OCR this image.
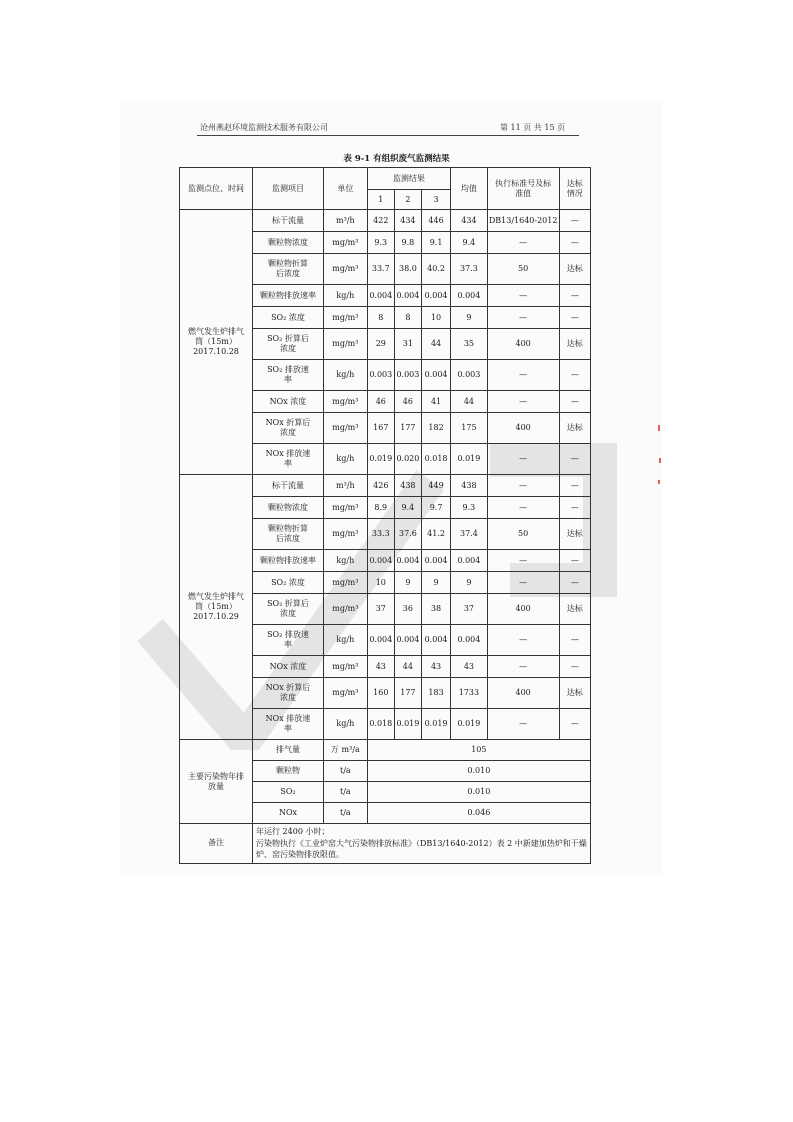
沧州燕赵环境监测技术服务有限公司	第 11 页 共 15 页
表 9-1 有组织废气监测结果
监测点位、时间	监测项目	单位	监测结果			均值	执行标准号及标准值	达标情况
			1	2	3			
燃气发生炉排气筒（15m）2017.10.28	标干流量	m³/h	422	434	446	434	DB13/1640-2012	—
	颗粒物浓度	mg/m³	9.3	9.8	9.1	9.4	—	—
	颗粒物折算后浓度	mg/m³	33.7	38.0	40.2	37.3	50	达标
	颗粒物排放速率	kg/h	0.004	0.004	0.004	0.004	—	—
	SO₂ 浓度	mg/m³	8	8	10	9	—	—
	SO₂ 折算后浓度	mg/m³	29	31	44	35	400	达标
	SO₂ 排放速率	kg/h	0.003	0.003	0.004	0.003	—	—
	NOx 浓度	mg/m³	46	46	41	44	—	—
	NOx 折算后浓度	mg/m³	167	177	182	175	400	达标
	NOx 排放速率	kg/h	0.019	0.020	0.018	0.019	—	—
燃气发生炉排气筒（15m）2017.10.29	标干流量	m³/h	426	438	449	438	—	—
	颗粒物浓度	mg/m³	8.9	9.4	9.7	9.3	—	—
	颗粒物折算后浓度	mg/m³	33.3	37.6	41.2	37.4	50	达标
	颗粒物排放速率	kg/h	0.004	0.004	0.004	0.004	—	—
	SO₂ 浓度	mg/m³	10	9	9	9	—	—
	SO₂ 折算后浓度	mg/m³	37	36	38	37	400	达标
	SO₂ 排放速率	kg/h	0.004	0.004	0.004	0.004	—	—
	NOx 浓度	mg/m³	43	44	43	43	—	—
	NOx 折算后浓度	mg/m³	160	177	183	1733	400	达标
	NOx 排放速率	kg/h	0.018	0.019	0.019	0.019	—	—
主要污染物年排放量	排气量	万 m³/a	105					
	颗粒物	t/a	0.010					
	SO₂	t/a	0.010					
	NOx	t/a	0.046					
备注	年运行 2400 小时；
污染物执行《工业炉窑大气污染物排放标准》（DB13/1640-2012）表 2 中新建加热炉和干燥炉、窑污染物排放限值。							
